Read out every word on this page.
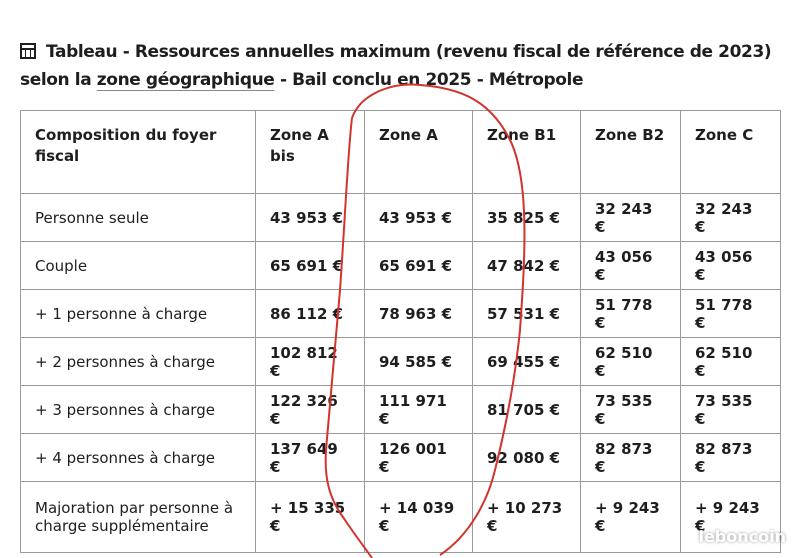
Tableau - Ressources annuelles maximum (revenu fiscal de référence de 2023) selon la zone géographique - Bail conclu en 2025 - Métropole
Composition du foyer fiscal	Zone A bis	Zone A	Zone B1	Zone B2	Zone C
Personne seule	43 953 €	43 953 €	35 825 €	32 243 €	32 243 €
Couple	65 691 €	65 691 €	47 842 €	43 056 €	43 056 €
+ 1 personne à charge	86 112 €	78 963 €	57 531 €	51 778 €	51 778 €
+ 2 personnes à charge	102 812 €	94 585 €	69 455 €	62 510 €	62 510 €
+ 3 personnes à charge	122 326 €	111 971 €	81 705 €	73 535 €	73 535 €
+ 4 personnes à charge	137 649 €	126 001 €	92 080 €	82 873 €	82 873 €
Majoration par personne à charge supplémentaire	+ 15 335 €	+ 14 039 €	+ 10 273 €	+ 9 243 €	+ 9 243 €
leboncoin
